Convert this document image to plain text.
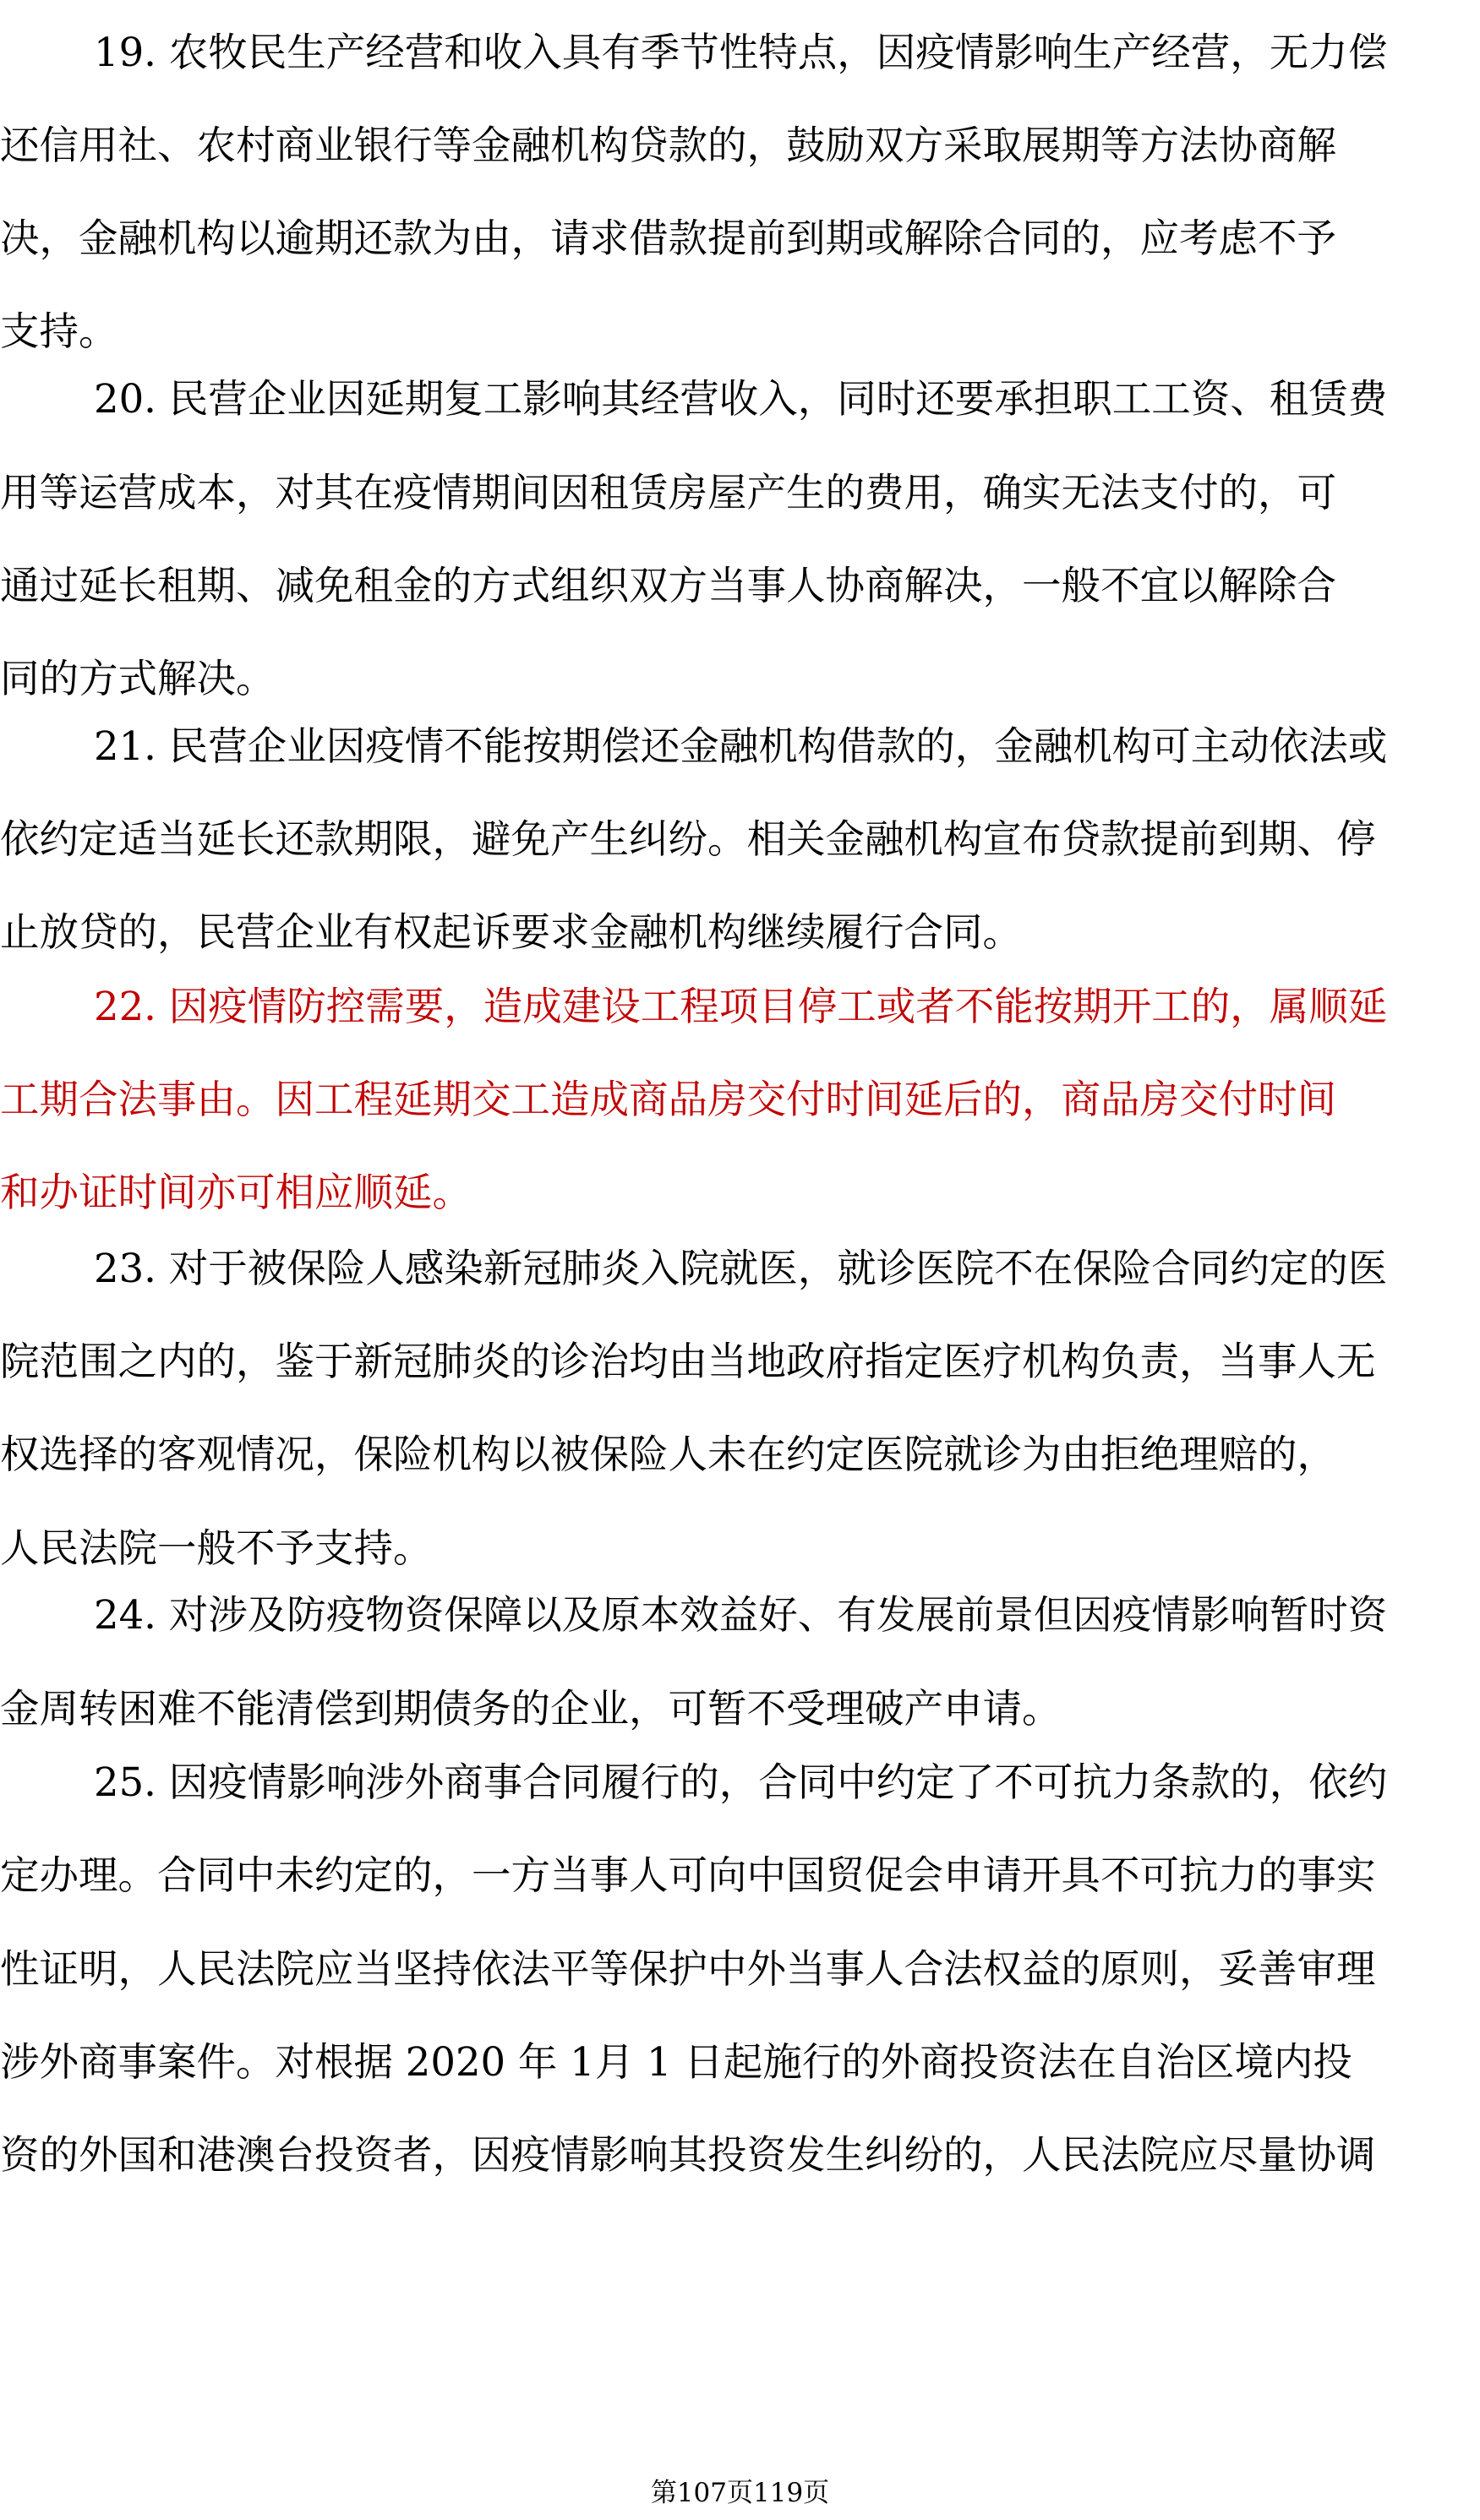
19. 农牧民生产经营和收入具有季节性特点，因疫情影响生产经营，无力偿
还信用社、农村商业银行等金融机构贷款的，鼓励双方采取展期等方法协商解
决，金融机构以逾期还款为由，请求借款提前到期或解除合同的，应考虑不予
支持。
20. 民营企业因延期复工影响其经营收入，同时还要承担职工工资、租赁费
用等运营成本，对其在疫情期间因租赁房屋产生的费用，确实无法支付的，可
通过延长租期、减免租金的方式组织双方当事人协商解决，一般不宜以解除合
同的方式解决。
21. 民营企业因疫情不能按期偿还金融机构借款的，金融机构可主动依法或
依约定适当延长还款期限，避免产生纠纷。相关金融机构宣布贷款提前到期、停
止放贷的，民营企业有权起诉要求金融机构继续履行合同。
22. 因疫情防控需要，造成建设工程项目停工或者不能按期开工的，属顺延
工期合法事由。因工程延期交工造成商品房交付时间延后的，商品房交付时间
和办证时间亦可相应顺延。
23. 对于被保险人感染新冠肺炎入院就医，就诊医院不在保险合同约定的医
院范围之内的，鉴于新冠肺炎的诊治均由当地政府指定医疗机构负责，当事人无
权选择的客观情况，保险机构以被保险人未在约定医院就诊为由拒绝理赔的，
人民法院一般不予支持。
24. 对涉及防疫物资保障以及原本效益好、有发展前景但因疫情影响暂时资
金周转困难不能清偿到期债务的企业，可暂不受理破产申请。
25. 因疫情影响涉外商事合同履行的，合同中约定了不可抗力条款的，依约
定办理。合同中未约定的，一方当事人可向中国贸促会申请开具不可抗力的事实
性证明，人民法院应当坚持依法平等保护中外当事人合法权益的原则，妥善审理
涉外商事案件。对根据 2020 年 1月 1 日起施行的外商投资法在自治区境内投
资的外国和港澳台投资者，因疫情影响其投资发生纠纷的，人民法院应尽量协调
第107页119页
